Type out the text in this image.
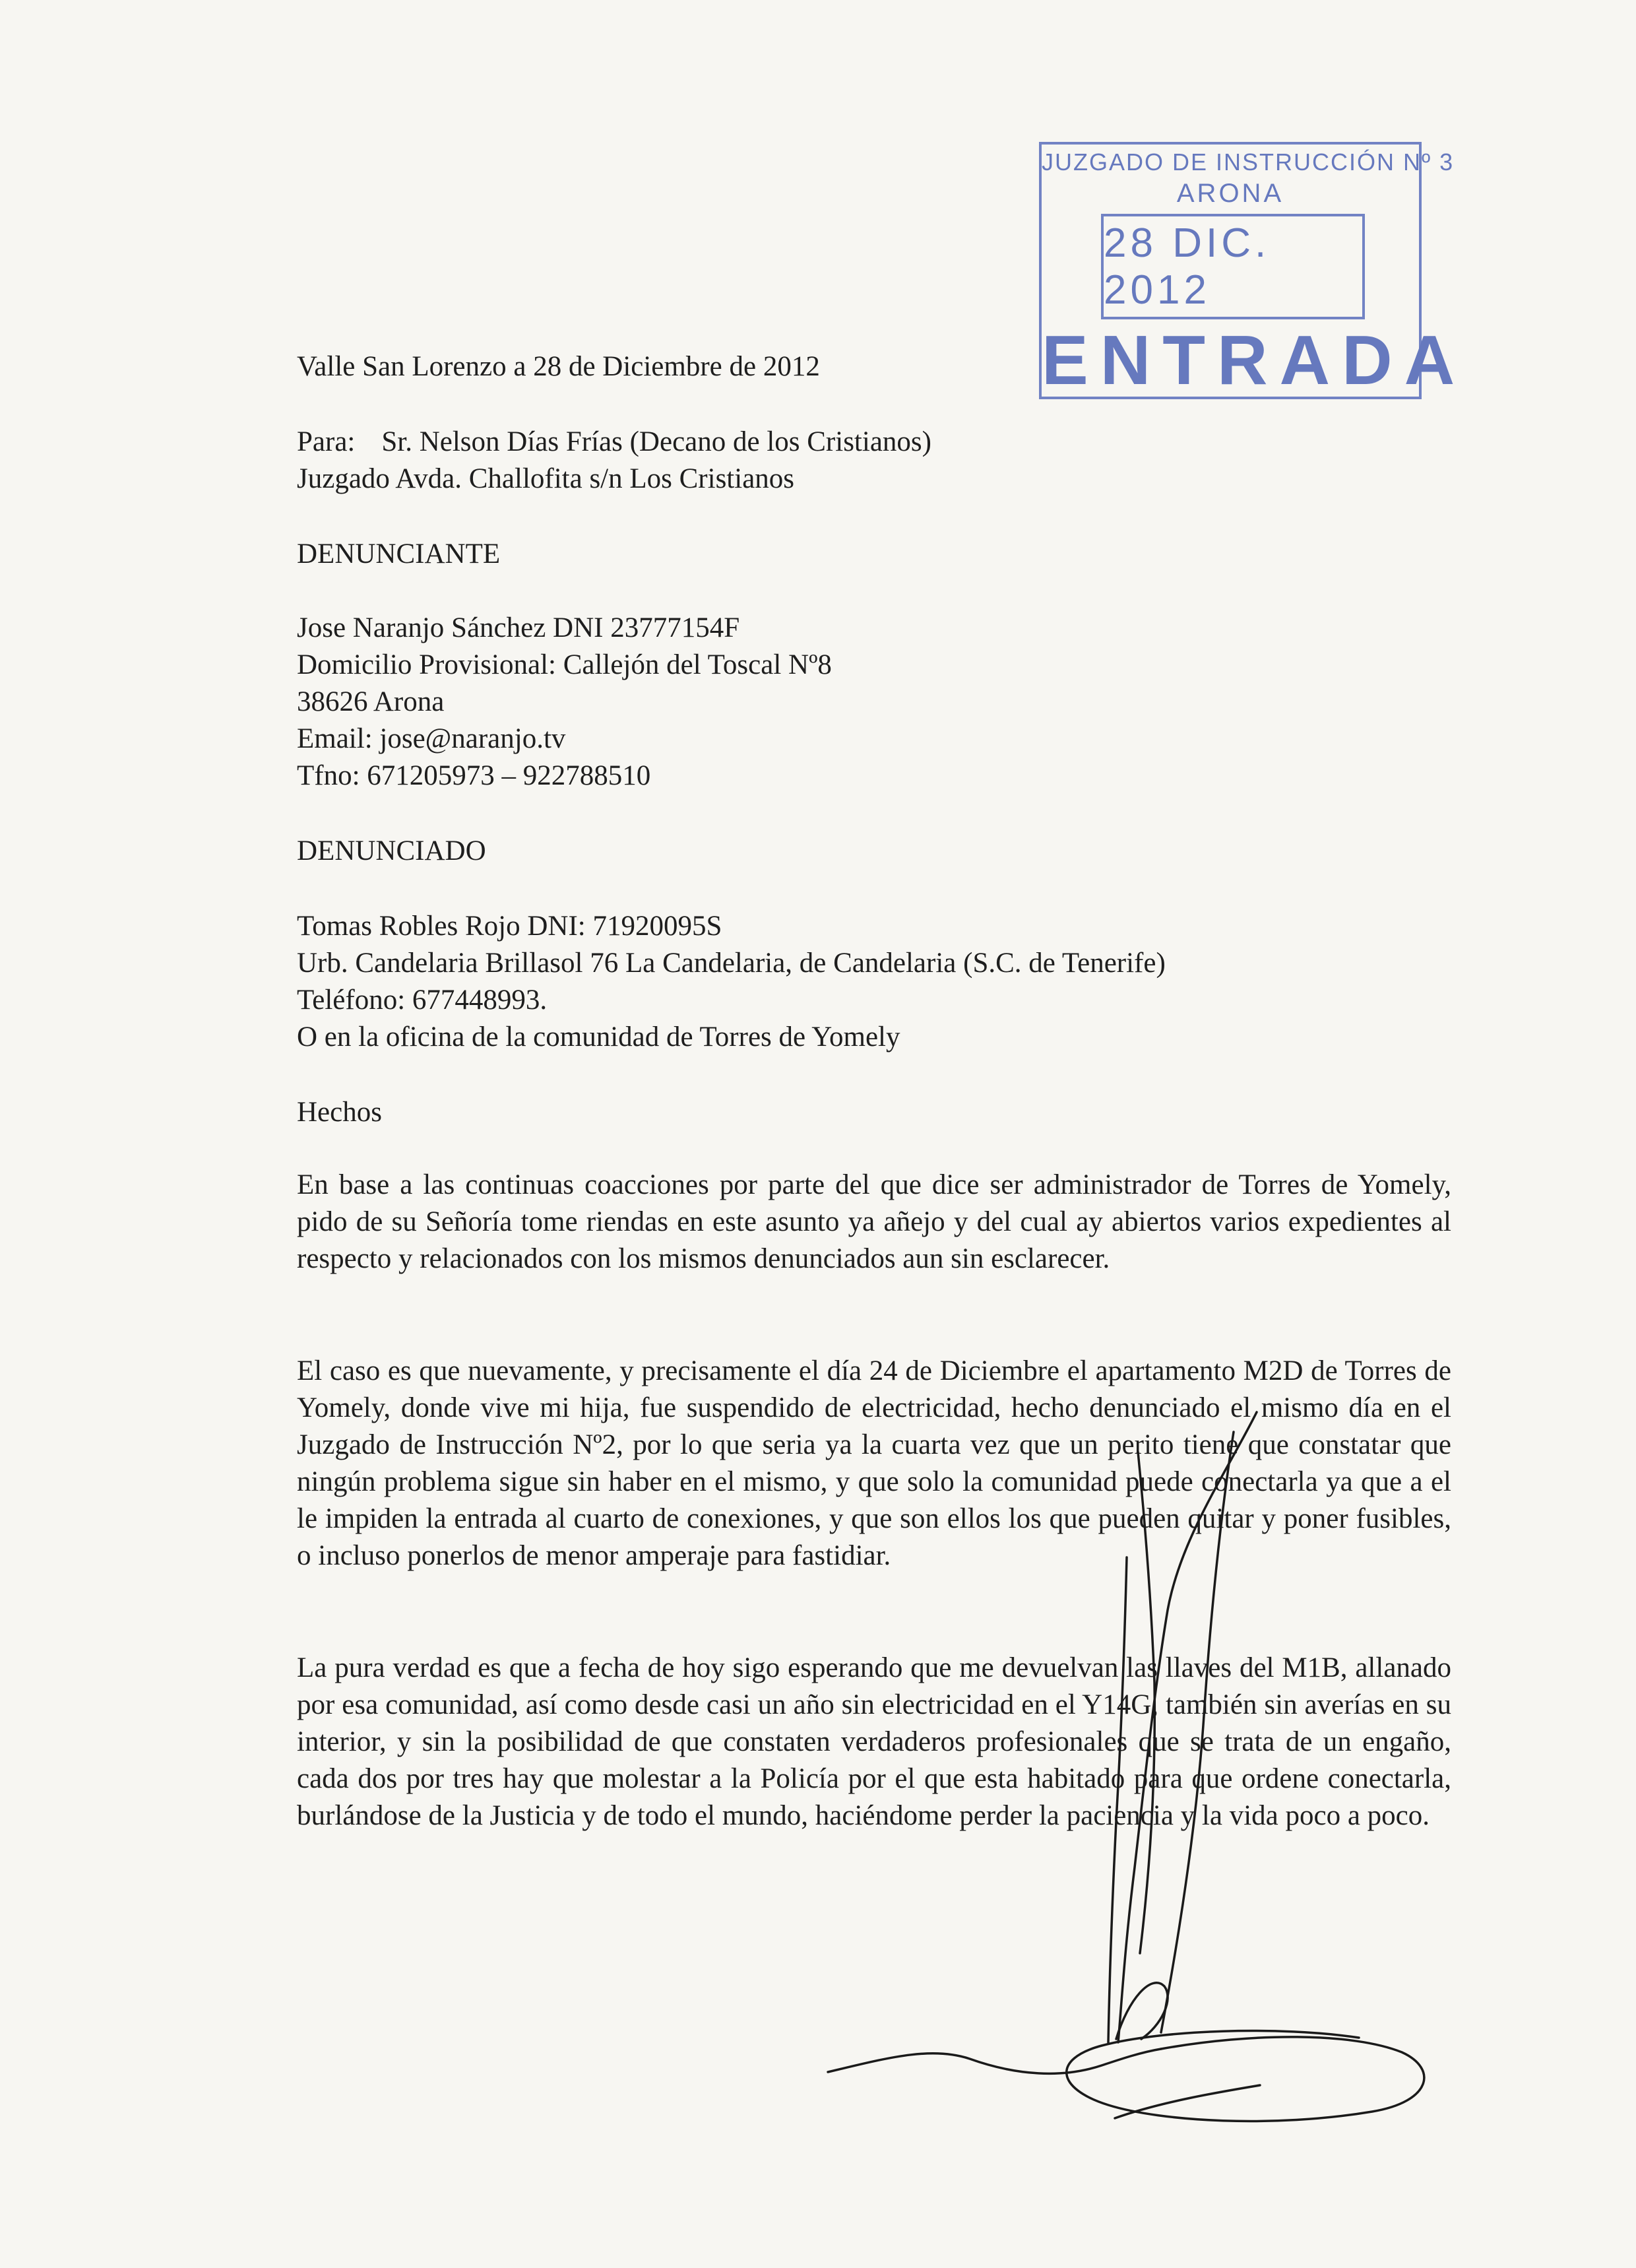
JUZGADO DE INSTRUCCIÓN Nº 3
ARONA
28 DIC. 2012
ENTRADA
Valle San Lorenzo a 28 de Diciembre de 2012
Para: Sr. Nelson Días Frías (Decano de los Cristianos)
Juzgado Avda. Challofita s/n Los Cristianos
DENUNCIANTE
Jose Naranjo Sánchez DNI 23777154F
Domicilio Provisional: Callejón del Toscal Nº8
38626 Arona
Email: jose@naranjo.tv
Tfno: 671205973 – 922788510
DENUNCIADO
Tomas Robles Rojo DNI: 71920095S
Urb. Candelaria Brillasol 76 La Candelaria, de Candelaria (S.C. de Tenerife)
Teléfono: 677448993.
O en la oficina de la comunidad de Torres de Yomely
Hechos
En base a las continuas coacciones por parte del que dice ser administrador de Torres de Yomely, pido de su Señoría tome riendas en este asunto ya añejo y del cual ay abiertos varios expedientes al respecto y relacionados con los mismos denunciados aun sin esclarecer.
El caso es que nuevamente, y precisamente el día 24 de Diciembre el apartamento M2D de Torres de Yomely, donde vive mi hija, fue suspendido de electricidad, hecho denunciado el mismo día en el Juzgado de Instrucción Nº2, por lo que seria ya la cuarta vez que un perito tiene que constatar que ningún problema sigue sin haber en el mismo, y que solo la comunidad puede conectarla ya que a el le impiden la entrada al cuarto de conexiones, y que son ellos los que pueden quitar y poner fusibles, o incluso ponerlos de menor amperaje para fastidiar.
La pura verdad es que a fecha de hoy sigo esperando que me devuelvan las llaves del M1B, allanado por esa comunidad, así como desde casi un año sin electricidad en el Y14G, también sin averías en su interior, y sin la posibilidad de que constaten verdaderos profesionales que se trata de un engaño, cada dos por tres hay que molestar a la Policía por el que esta habitado para que ordene conectarla, burlándose de la Justicia y de todo el mundo, haciéndome perder la paciencia y la vida poco a poco.
